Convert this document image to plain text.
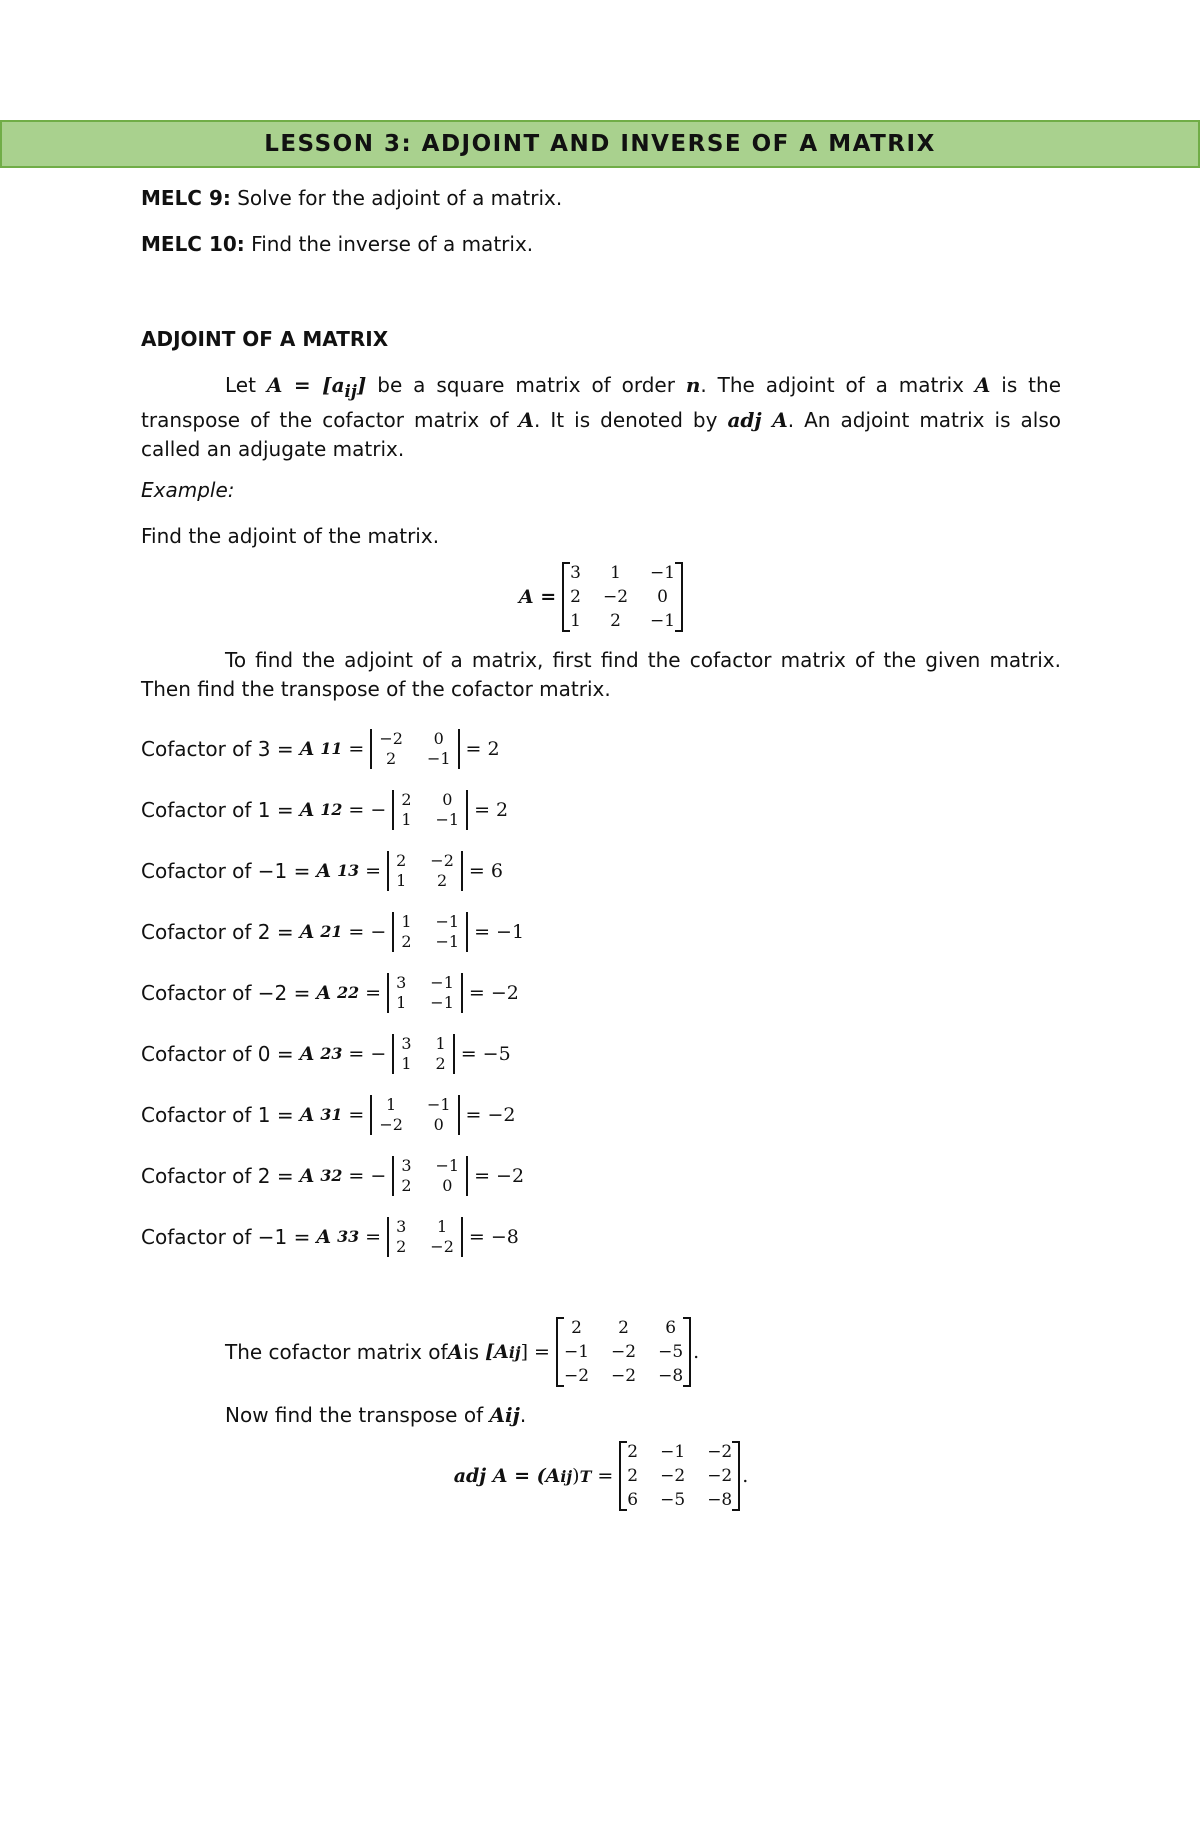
LESSON 3: ADJOINT AND INVERSE OF A MATRIX

MELC 9: Solve for the adjoint of a matrix.

MELC 10: Find the inverse of a matrix.

ADJOINT OF A MATRIX

Let $A = [a_{ij}]$ be a square matrix of order n. The adjoint of a matrix A is the transpose of the cofactor matrix of A. It is denoted by adj A. An adjoint matrix is also called an adjugate matrix.

Example:

Find the adjoint of the matrix.

A =
3	1	−1
2 −2	0
1	2	−1

To find the adjoint of a matrix, first find the cofactor matrix of the given matrix. Then find the transpose of the cofactor matrix.

Cofactor of 3 = A 11 = −2	0
2	−1 = 2
Cofactor of 1 = A 12 = − 2	0
1 −1 = 2
Cofactor of −1 = A 13 = 2 −2
1	2	= 6
Cofactor of 2 = A 21 = − 1 −1
2 −1 = −1
Cofactor of −2 = A 22 = 3 −1
1 −1 = −2
Cofactor of 0 = A 23 = − 3 1
1 2 = −5
Cofactor of 1 = A 31 =	1	−1
−2	0	= −2
Cofactor of 2 = A 32 = − 3 −1
2	0	= −2
Cofactor of −1 = A 33 = 3	1
2 −2 = −8
The cofactor matrix of A is [A ij ] =
2	2	6
−1 −2 −5
−2 −2 −8
.

Now find the transpose of Aij.

adj A = (A ij ) T =
2 −1 −2
2 −2 −2
6 −5 −8
.
